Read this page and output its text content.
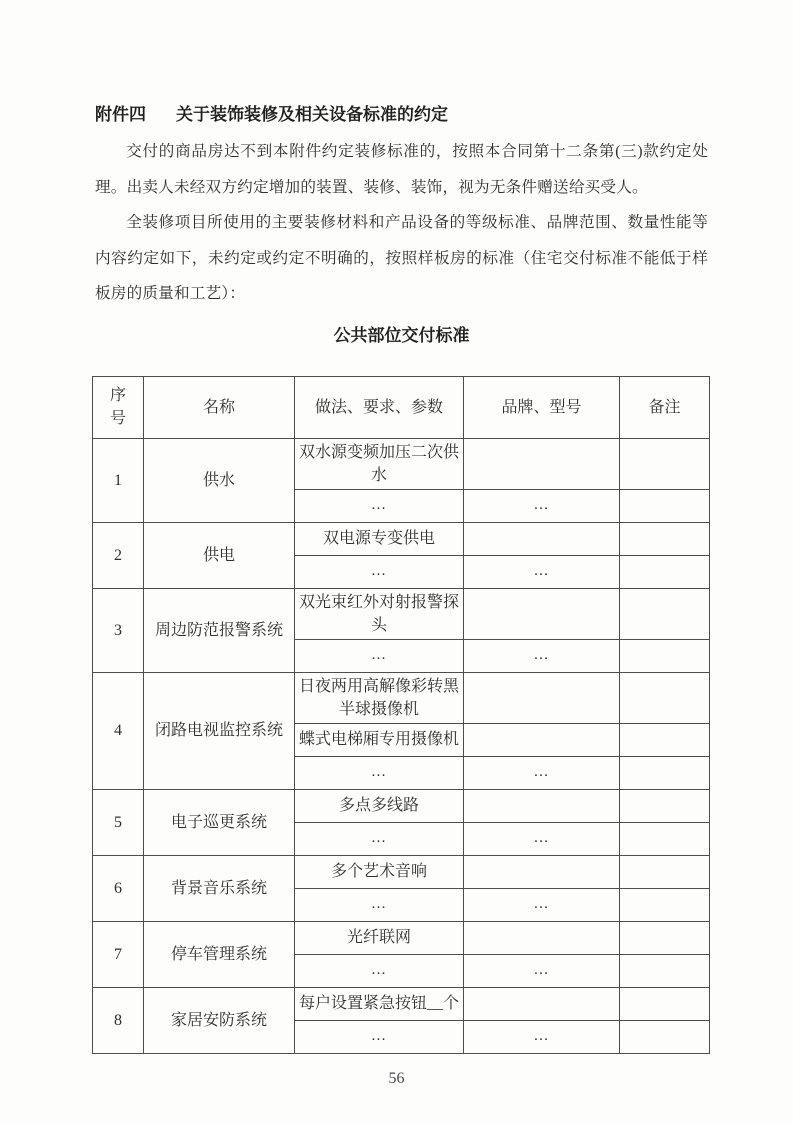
附件四 关于装饰装修及相关设备标准的约定

交付的商品房达不到本附件约定装修标准的，按照本合同第十二条第(三)款约定处理。出卖人未经双方约定增加的装置、装修、装饰，视为无条件赠送给买受人。

全装修项目所使用的主要装修材料和产品设备的等级标准、品牌范围、数量性能等内容约定如下，未约定或约定不明确的，按照样板房的标准（住宅交付标准不能低于样板房的质量和工艺）：

公共部位交付标准
序　号	名称	做法、要求、参数	品牌、型号	备注
1	供水	双水源变频加压二次供水		
		…	…	
2	供电	双电源专变供电		
		…	…	
3	周边防范报警系统	双光束红外对射报警探头		
		…	…	
4	闭路电视监控系统	日夜两用高解像彩转黑半球摄像机		
		蝶式电梯厢专用摄像机		
		…	…	
5	电子巡更系统	多点多线路		
		…	…	
6	背景音乐系统	多个艺术音响		
		…	…	
7	停车管理系统	光纤联网		
		…	…	
8	家居安防系统	每户设置紧急按钮__个		
		…	…	
56
